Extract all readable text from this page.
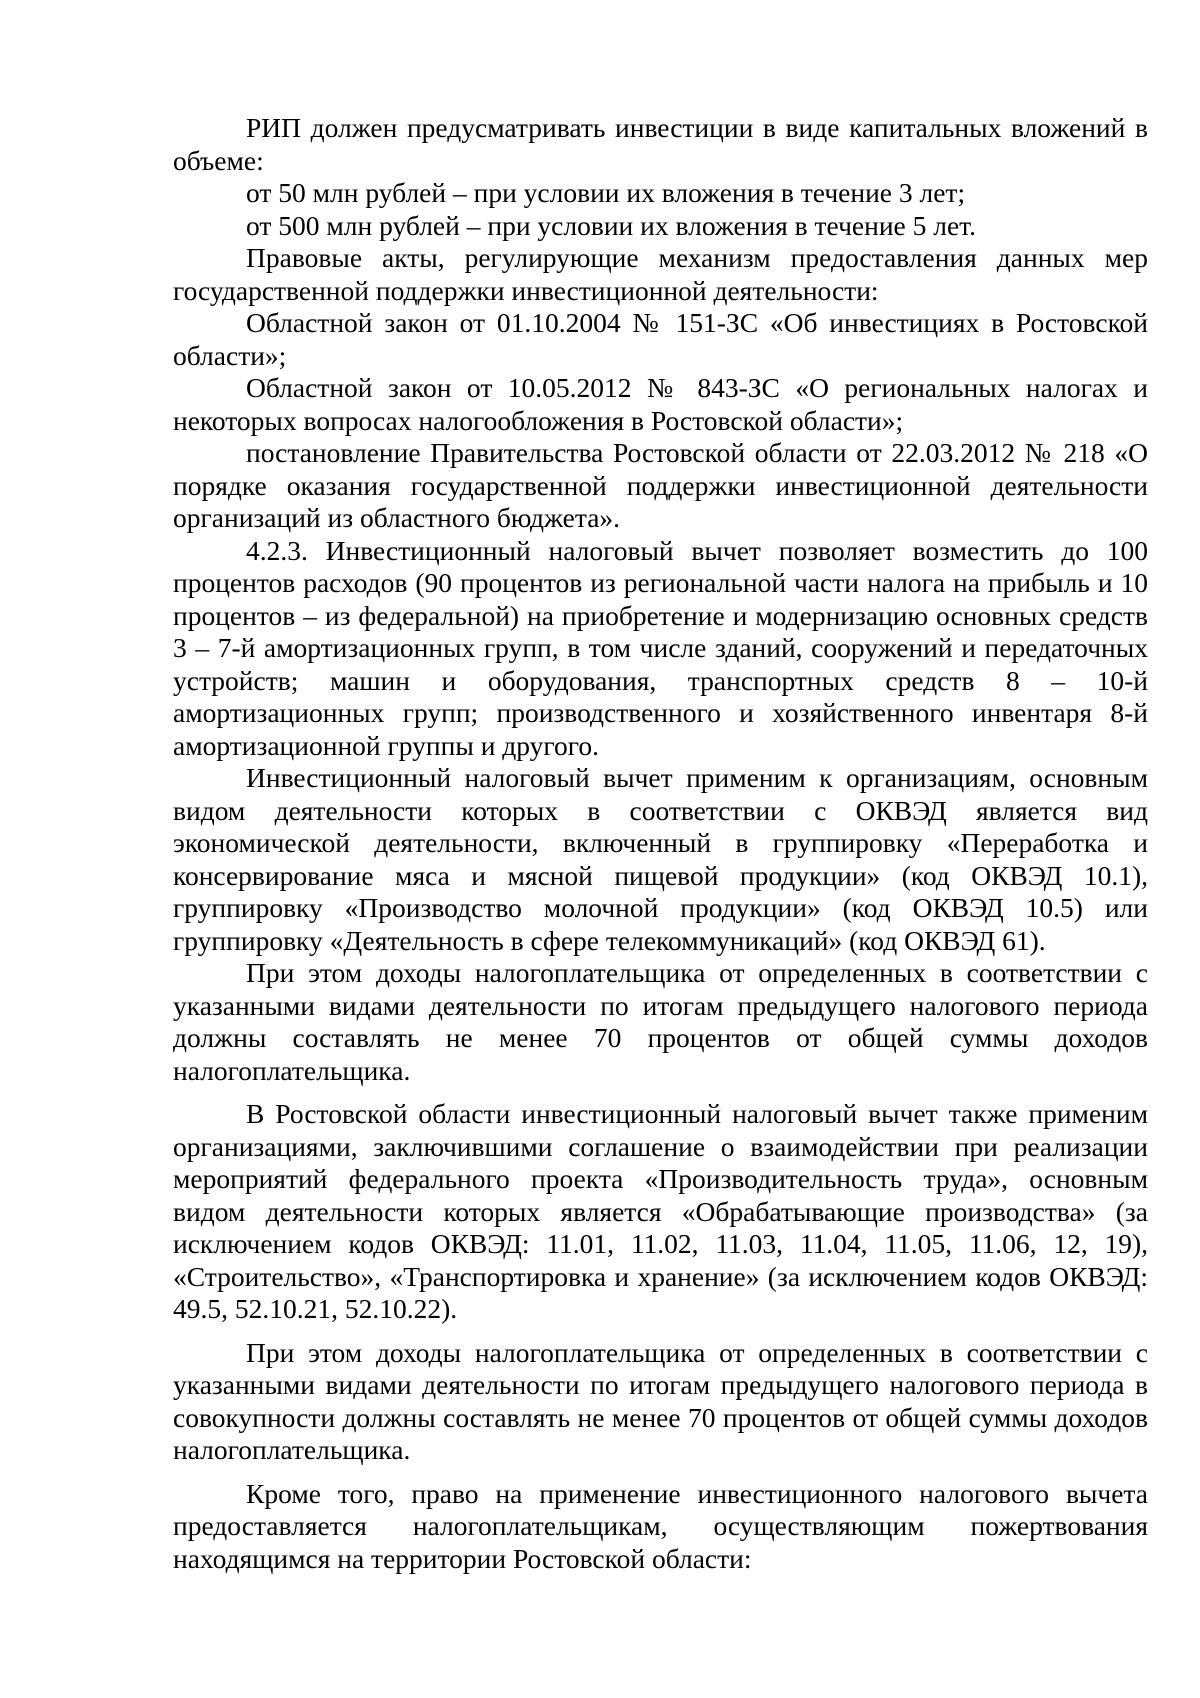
РИП должен предусматривать инвестиции в виде капитальных вложений в объеме:

от 50 млн рублей – при условии их вложения в течение 3 лет;

от 500 млн рублей – при условии их вложения в течение 5 лет.

Правовые акты, регулирующие механизм предоставления данных мер государственной поддержки инвестиционной деятельности:

Областной закон от 01.10.2004 № 151-ЗС «Об инвестициях в Ростовской области»;

Областной закон от 10.05.2012 № 843-ЗС «О региональных налогах и некоторых вопросах налогообложения в Ростовской области»;

постановление Правительства Ростовской области от 22.03.2012 № 218 «О порядке оказания государственной поддержки инвестиционной деятельности организаций из областного бюджета».

4.2.3. Инвестиционный налоговый вычет позволяет возместить до 100 процентов расходов (90 процентов из региональной части налога на прибыль и 10 процентов – из федеральной) на приобретение и модернизацию основных средств 3 – 7-й амортизационных групп, в том числе зданий, сооружений и передаточных устройств; машин и оборудования, транспортных средств 8 – 10-й амортизационных групп; производственного и хозяйственного инвентаря 8-й амортизационной группы и другого.

Инвестиционный налоговый вычет применим к организациям, основным видом деятельности которых в соответствии с ОКВЭД является вид экономической деятельности, включенный в группировку «Переработка и консервирование мяса и мясной пищевой продукции» (код ОКВЭД 10.1), группировку «Производство молочной продукции» (код ОКВЭД 10.5) или группировку «Деятельность в сфере телекоммуникаций» (код ОКВЭД 61).

При этом доходы налогоплательщика от определенных в соответствии с указанными видами деятельности по итогам предыдущего налогового периода должны составлять не менее 70 процентов от общей суммы доходов налогоплательщика.

В Ростовской области инвестиционный налоговый вычет также применим организациями, заключившими соглашение о взаимодействии при реализации мероприятий федерального проекта «Производительность труда», основным видом деятельности которых является «Обрабатывающие производства» (за исключением кодов ОКВЭД: 11.01, 11.02, 11.03, 11.04, 11.05, 11.06, 12, 19), «Строительство», «Транспортировка и хранение» (за исключением кодов ОКВЭД: 49.5, 52.10.21, 52.10.22).

При этом доходы налогоплательщика от определенных в соответствии с указанными видами деятельности по итогам предыдущего налогового периода в совокупности должны составлять не менее 70 процентов от общей суммы доходов налогоплательщика.

Кроме того, право на применение инвестиционного налогового вычета предоставляется налогоплательщикам, осуществляющим пожертвования находящимся на территории Ростовской области:
